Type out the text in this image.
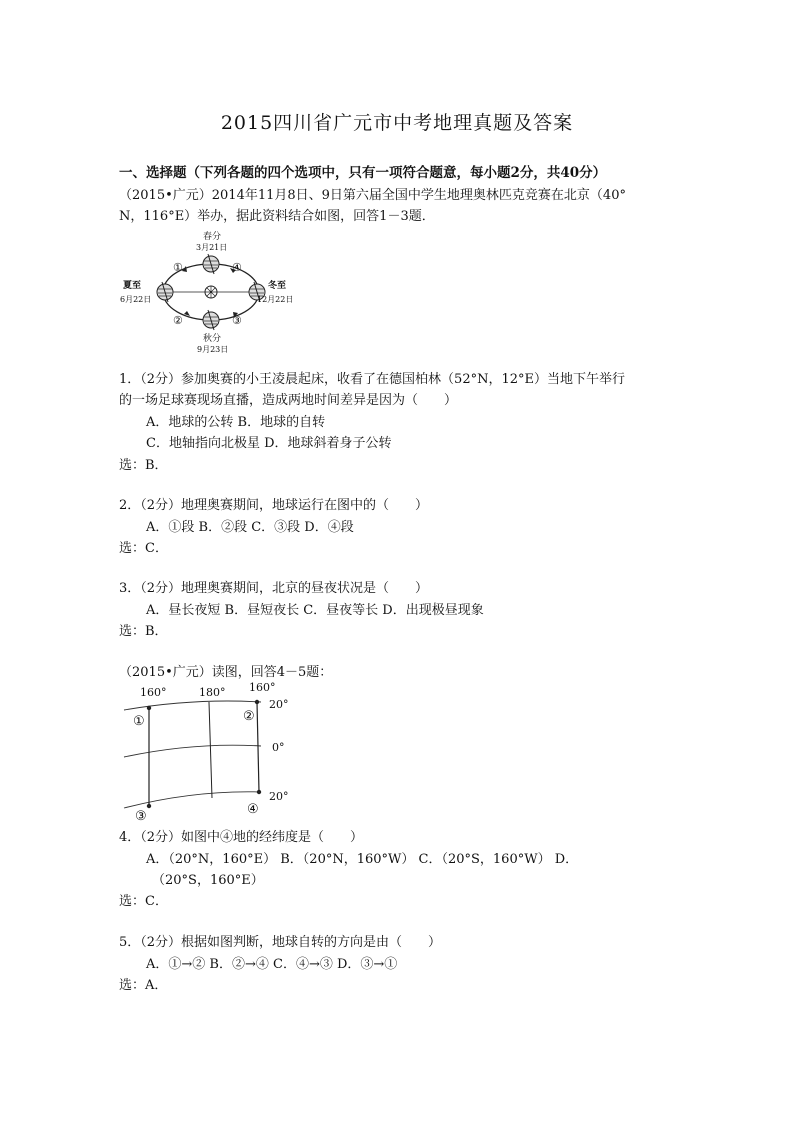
2015四川省广元市中考地理真题及答案
一、选择题（下列各题的四个选项中，只有一项符合题意，每小题2分，共40分）
（2015•广元）2014年11月8日、9日第六届全国中学生地理奥林匹克竞赛在北京（40°
N，116°E）举办，据此资料结合如图，回答1－3题．
春分
3月21日
夏至
6月22日
冬至
12月22日
秋分
9月23日
①
②	③
④
1．（2分）参加奥赛的小王凌晨起床，收看了在德国柏林（52°N，12°E）当地下午举行
的一场足球赛现场直播，造成两地时间差异是因为（　　）
A．地球的公转 B．地球的自转
C．地轴指向北极星 D．地球斜着身子公转
选：B．
2．（2分）地理奥赛期间，地球运行在图中的（　　）
A．①段 B．②段 C．③段 D．④段
选：C．
3．（2分）地理奥赛期间，北京的昼夜状况是（　　）
A．昼长夜短 B．昼短夜长 C．昼夜等长 D．出现极昼现象
选：B．
（2015•广元）读图，回答4－5题：
160°	180° 160°
20°
0°
20°
①	②
③	④
4．（2分）如图中④地的经纬度是（　　）
A．（20°N，160°E） B．（20°N，160°W） C．（20°S，160°W） D．
（20°S，160°E）
选：C．
5．（2分）根据如图判断，地球自转的方向是由（　　）
A．①→② B．②→④ C．④→③ D．③→①
选：A．
